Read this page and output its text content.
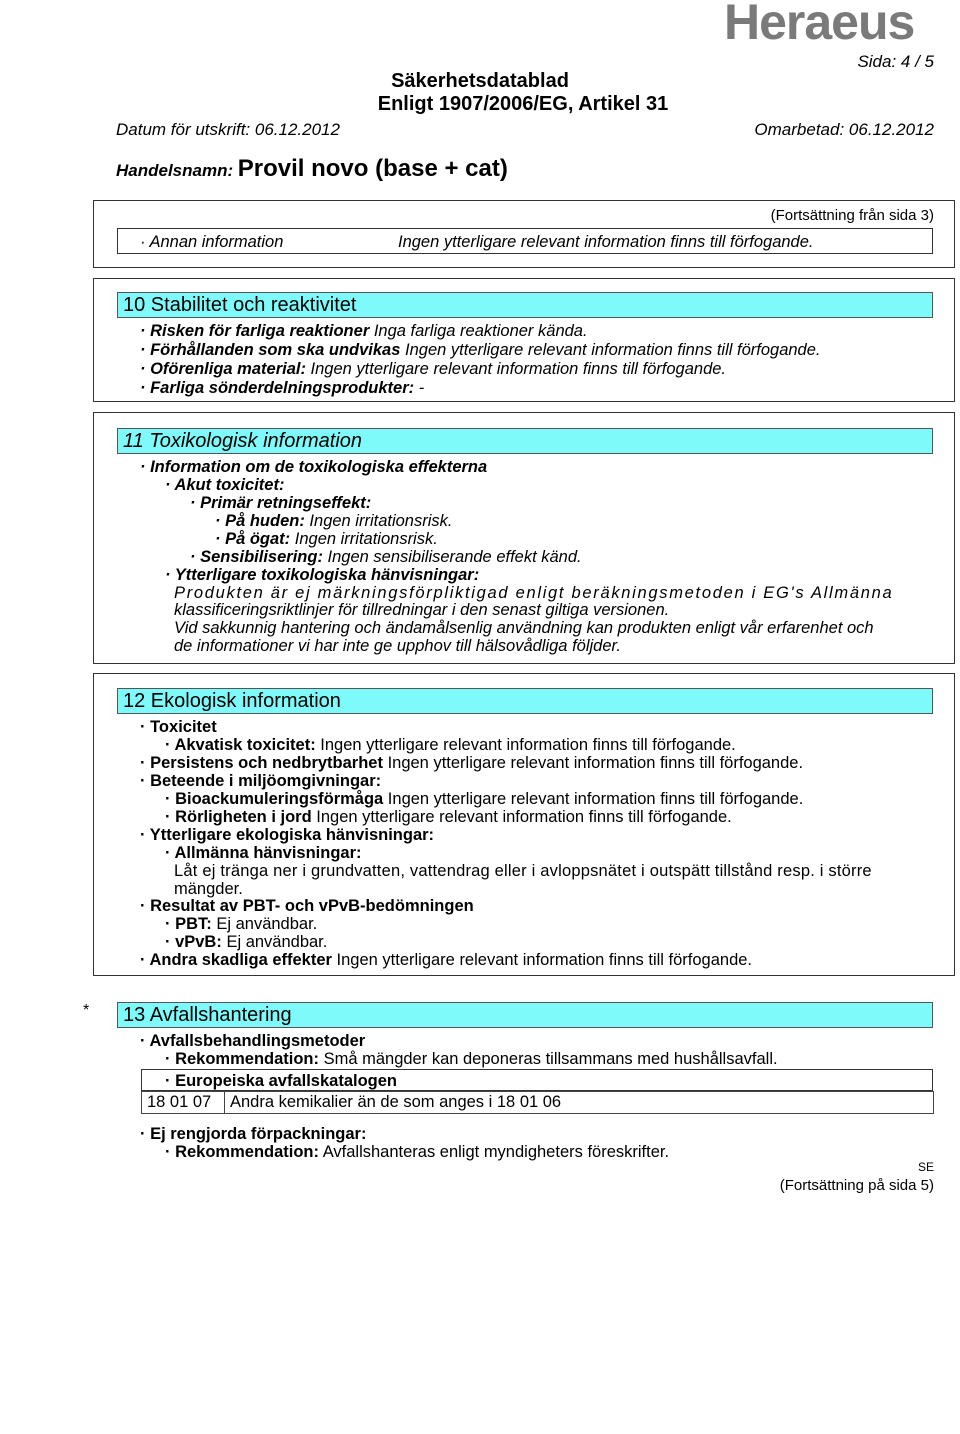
Heraeus
Sida: 4 / 5
Säkerhetsdatablad
Enligt 1907/2006/EG, Artikel 31
Datum för utskrift: 06.12.2012	Omarbetad: 06.12.2012
Handelsnamn: Provil novo (base + cat)
(Fortsättning från sida 3)
· Annan information	Ingen ytterligare relevant information finns till förfogande.
10 Stabilitet och reaktivitet
· Risken för farliga reaktioner Inga farliga reaktioner kända.
· Förhållanden som ska undvikas Ingen ytterligare relevant information finns till förfogande.
· Oförenliga material: Ingen ytterligare relevant information finns till förfogande.
· Farliga sönderdelningsprodukter: -
11 Toxikologisk information
· Information om de toxikologiska effekterna
· Akut toxicitet:
· Primär retningseffekt:
· På huden: Ingen irritationsrisk.
· På ögat: Ingen irritationsrisk.
· Sensibilisering: Ingen sensibiliserande effekt känd.
· Ytterligare toxikologiska hänvisningar:
Produkten är ej märkningsförpliktigad enligt beräkningsmetoden i EG's Allmänna
klassificeringsriktlinjer för tillredningar i den senast giltiga versionen.
Vid sakkunnig hantering och ändamålsenlig användning kan produkten enligt vår erfarenhet och
de informationer vi har inte ge upphov till hälsovådliga följder.
12 Ekologisk information
· Toxicitet
· Akvatisk toxicitet: Ingen ytterligare relevant information finns till förfogande.
· Persistens och nedbrytbarhet Ingen ytterligare relevant information finns till förfogande.
· Beteende i miljöomgivningar:
· Bioackumuleringsförmåga Ingen ytterligare relevant information finns till förfogande.
· Rörligheten i jord Ingen ytterligare relevant information finns till förfogande.
· Ytterligare ekologiska hänvisningar:
· Allmänna hänvisningar:
Låt ej tränga ner i grundvatten, vattendrag eller i avloppsnätet i outspätt tillstånd resp. i större
mängder.
· Resultat av PBT- och vPvB-bedömningen
· PBT: Ej användbar.
· vPvB: Ej användbar.
· Andra skadliga effekter Ingen ytterligare relevant information finns till förfogande.
*	13 Avfallshantering
· Avfallsbehandlingsmetoder
· Rekommendation: Små mängder kan deponeras tillsammans med hushållsavfall.
· Europeiska avfallskatalogen
18 01 07	Andra kemikalier än de som anges i 18 01 06
· Ej rengjorda förpackningar:
· Rekommendation: Avfallshanteras enligt myndigheters föreskrifter.
SE
(Fortsättning på sida 5)
